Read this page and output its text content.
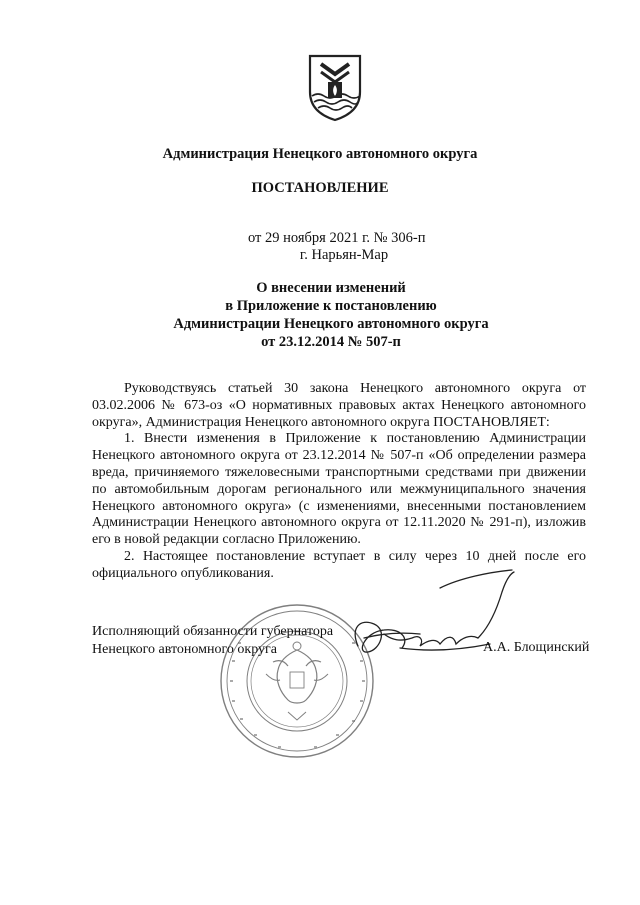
Администрация Ненецкого автономного округа
ПОСТАНОВЛЕНИЕ
от 29 ноября 2021 г. № 306-п
г. Нарьян-Мар
О внесении изменений
в Приложение к постановлению
Администрации Ненецкого автономного округа
от 23.12.2014 № 507-п

Руководствуясь статьей 30 закона Ненецкого автономного округа от 03.02.2006 № 673-оз «О нормативных правовых актах Ненецкого автономного округа», Администрация Ненецкого автономного округа ПОСТАНОВЛЯЕТ:

1. Внести изменения в Приложение к постановлению Администрации Ненецкого автономного округа от 23.12.2014 № 507-п «Об определении размера вреда, причиняемого тяжеловесными транспортными средствами при движении по автомобильным дорогам регионального или межмуниципального значения Ненецкого автономного округа» (с изменениями, внесенными постановлением Администрации Ненецкого автономного округа от 12.11.2020 № 291-п), изложив его в новой редакции согласно Приложению.

2. Настоящее постановление вступает в силу через 10 дней после его официального опубликования.

Исполняющий обязанности губернатора
Ненецкого автономного округа	А.А. Блощинский
